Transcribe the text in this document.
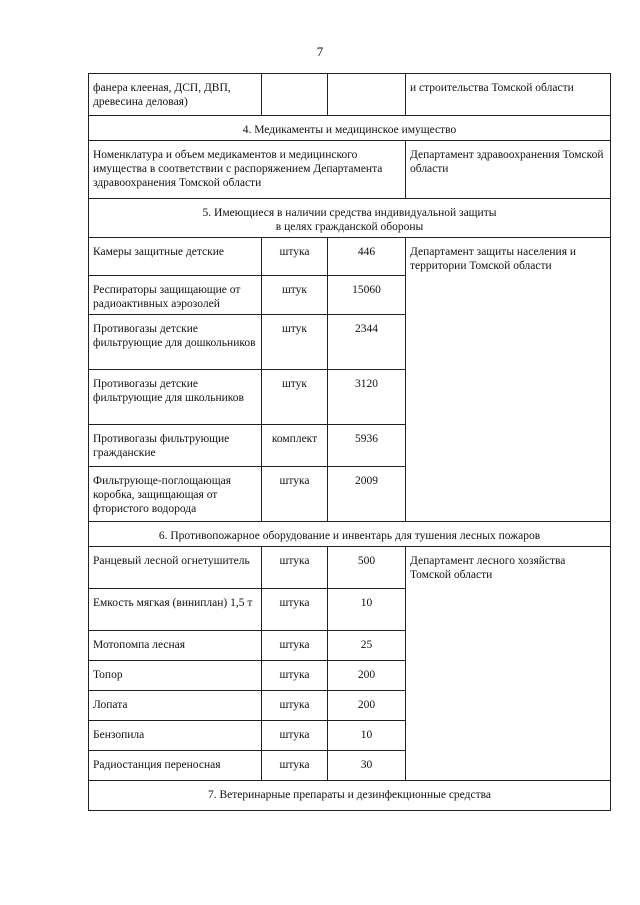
7
фанера клееная, ДСП, ДВП, древесина деловая)			и строительства Томской области
4. Медикаменты и медицинское имущество			
Номенклатура и объем медикаментов и медицинского имущества в соответствии с распоряжением Департамента здравоохранения Томской области			Департамент здравоохранения Томской области

5. Имеющиеся в наличии средства индивидуальной защиты
в целях гражданской обороны			

Камеры защитные детские	штука	446	Департамент защиты населения и территории Томской области
Респираторы защищающие от радиоактивных аэрозолей	штук	15060	
Противогазы детские фильтрующие для дошкольников	штук	2344	
Противогазы детские фильтрующие для школьников	штук	3120	
Противогазы фильтрующие гражданские	комплект	5936	
Фильтрующе-поглощающая коробка, защищающая от фтористого водорода	штука	2009	
6. Противопожарное оборудование и инвентарь для тушения лесных пожаров			
Ранцевый лесной огнетушитель	штука	500	Департамент лесного хозяйства Томской области
Емкость мягкая (виниплан) 1,5 т	штука	10	
Мотопомпа лесная	штука	25	
Топор	штука	200	
Лопата	штука	200	
Бензопила	штука	10	
Радиостанция переносная	штука	30	
7. Ветеринарные препараты и дезинфекционные средства			
